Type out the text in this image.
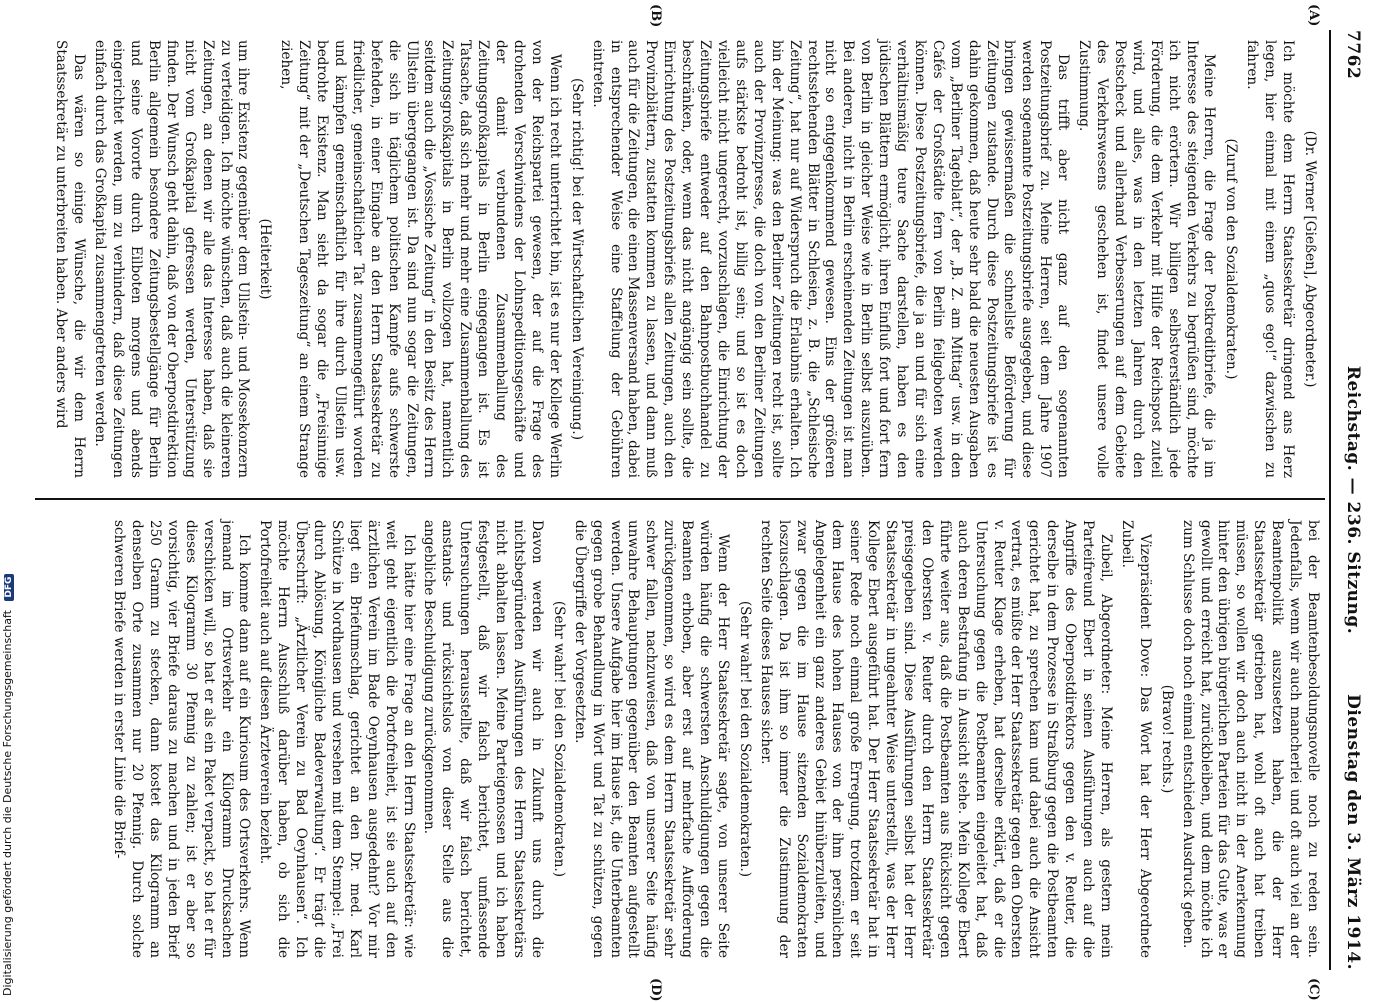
7762
Reichstag. — 236. Sitzung.
Dienstag den 3. März 1914.
(A)
(B)
(C)
(D)

(Dr. Werner [Gießen], Abgeordneter.)

Ich möchte dem Herrn Staatssekretär dringend ans Herz legen, hier einmal mit einem „quos ego!“ dazwischen zu fahren.

(Zuruf von den Sozialdemokraten.)

Meine Herren, die Frage der Postkreditbriefe, die ja im Interesse des steigenden Verkehrs zu begrüßen sind, möchte ich nicht erörtern. Wir billigen selbstverständlich jede Förderung, die dem Verkehr mit Hilfe der Reichspost zuteil wird, und alles, was in den letzten Jahren durch den Postscheck und allerhand Verbesserungen auf dem Gebiete des Verkehrswesens geschehen ist, findet unsere volle Zustimmung.

Das trifft aber nicht ganz auf den sogenannten Postzeitungsbrief zu. Meine Herren, seit dem Jahre 1907 werden sogenannte Postzeitungsbriefe ausgegeben, und diese bringen gewissermaßen die schnellste Beförderung für Zeitungen zustande. Durch diese Postzeitungsbriefe ist es dahin gekommen, daß heute sehr bald die neuesten Ausgaben vom „Berliner Tageblatt“, der „B. Z. am Mittag“ usw. in den Cafés der Großstädte fern von Berlin feilgeboten werden können. Diese Postzeitungsbriefe, die ja an und für sich eine verhältnismäßig teure Sache darstellen, haben es den jüdischen Blättern ermöglicht, ihren Einfluß fort und fort fern von Berlin in gleicher Weise wie in Berlin selbst auszuüben. Bei anderen, nicht in Berlin erscheinenden Zeitungen ist man nicht so entgegenkommend gewesen. Eins der größeren rechtsstehenden Blätter in Schlesien, z. B. die „Schlesische Zeitung“, hat nur auf Widerspruch die Erlaubnis erhalten. Ich bin der Meinung: was den Berliner Zeitungen recht ist, sollte auch der Provinzpresse, die doch von den Berliner Zeitungen aufs stärkste bedroht ist, billig sein; und so ist es doch vielleicht nicht ungerecht, vorzuschlagen, die Einrichtung der Zeitungsbriefe entweder auf den Bahnpostbuchhandel zu beschränken, oder, wenn das nicht angängig sein sollte, die Einrichtung des Postzeitungsbriefs allen Zeitungen, auch den Provinzblättern, zustatten kommen zu lassen, und dann muß auch für die Zeitungen, die einen Massenversand haben, dabei in entsprechender Weise eine Staffelung der Gebühren eintreten.

(Sehr richtig! bei der Wirtschaftlichen Vereinigung.)

Wenn ich recht unterrichtet bin, ist es nur der Kollege Werlin von der Reichspartei gewesen, der auf die Frage des drohenden Verschwindens der Lohnspeditionsgeschäfte und der damit verbundenen Zusammenballung des Zeitungsgroßkapitals in Berlin eingegangen ist. Es ist Tatsache, daß sich mehr und mehr eine Zusammenballung des Zeitungsgroßkapitals in Berlin vollzogen hat, namentlich seitdem auch die „Vossische Zeitung“ in den Besitz des Herrn Ullstein übergegangen ist. Da sind nun sogar die Zeitungen, die sich in täglichem politischen Kampfe aufs schwerste befehden, in einer Eingabe an den Herrn Staatssekretär zu friedlicher, gemeinschaftlicher Tat zusammengeführt worden und kämpfen gemeinschaftlich für ihre durch Ullstein usw. bedrohte Existenz. Man sieht da sogar die „Freisinnige Zeitung“ mit der „Deutschen Tageszeitung“ an einem Strange ziehen,

(Heiterkeit)

um ihre Existenz gegenüber dem Ullstein- und Mossekonzern zu verteidigen. Ich möchte wünschen, daß auch die kleineren Zeitungen, an denen wir alle das Interesse haben, daß sie nicht vom Großkapital gefressen werden, Unterstützung finden. Der Wunsch geht dahin, daß von der Oberpostdirektion Berlin allgemein besondere Zeitungsbestellgänge für Berlin und seine Vororte durch Eilboten morgens und abends eingerichtet werden, um zu verhindern, daß diese Zeitungen einfach durch das Großkapital zusammengetreten werden.

Das wären so einige Wünsche, die wir dem Herrn Staatssekretär zu unterbreiten haben. Aber anders wird

bei der Beamtenbesoldungsnovelle noch zu reden sein. Jedenfalls, wenn wir auch mancherlei und oft auch viel an der Beamtenpolitik auszusetzen haben, die der Herr Staatssekretär getrieben hat, wohl oft auch hat treiben müssen, so wollen wir doch auch nicht in der Anerkennung hinter den übrigen bürgerlichen Parteien für das Gute, was er gewollt und erreicht hat, zurückbleiben, und dem möchte ich zum Schlusse doch noch einmal entschieden Ausdruck geben.

(Bravo! rechts.)

Vizepräsident Dove: Das Wort hat der Herr Abgeordnete Zubeil.

Zubeil, Abgeordneter: Meine Herren, als gestern mein Parteifreund Ebert in seinen Ausführungen auch auf die Angriffe des Oberpostdirektors gegen den v. Reuter, die derselbe in dem Prozesse in Straßburg gegen die Postbeamten gerichtet hat, zu sprechen kam und dabei auch die Ansicht vertrat, es müßte der Herr Staatssekretär gegen den Obersten v. Reuter Klage erheben, hat derselbe erklärt, daß er die Untersuchung gegen die Postbeamten eingeleitet hat, daß auch deren Bestrafung in Aussicht stehe. Mein Kollege Ebert führte weiter aus, daß die Postbeamten aus Rücksicht gegen den Obersten v. Reuter durch den Herrn Staatssekretär preisgegeben sind. Diese Ausführungen selbst hat der Herr Staatssekretär in ungeahnter Weise unterstellt, was der Herr Kollege Ebert ausgeführt hat. Der Herr Staatssekretär hat in seiner Rede noch einmal große Erregung, trotzdem er seit dem Hause des hohen Hauses von der ihm persönlichen Angelegenheit ein ganz anderes Gebiet hinüberzuleiten, und zwar gegen die im Hause sitzenden Sozialdemokraten loszuschlagen. Da ist ihm so immer die Zustimmung der rechten Seite dieses Hauses sicher.

(Sehr wahr! bei den Sozialdemokraten.)

Wenn der Herr Staatssekretär sagte, von unserer Seite würden häufig die schwersten Anschuldigungen gegen die Beamten erhoben, aber erst auf mehrfache Aufforderung zurückgenommen, so wird es dem Herrn Staatssekretär sehr schwer fallen, nachzuweisen, daß von unserer Seite häufig unwahre Behauptungen gegenüber den Beamten aufgestellt werden. Unsere Aufgabe hier im Hause ist, die Unterbeamten gegen grobe Behandlung in Wort und Tat zu schützen, gegen die Übergriffe der Vorgesetzten.

(Sehr wahr! bei den Sozialdemokraten.)

Davon werden wir auch in Zukunft uns durch die nichtsbegründeten Ausführungen des Herrn Staatssekretärs nicht abhalten lassen. Meine Parteigenossen und ich haben festgestellt, daß wir falsch berichtet, umfassende Untersuchungen herausstellte, daß wir falsch berichtet, anstands- und rücksichtslos von dieser Stelle aus die angebliche Beschuldigung zurückgenommen.

Ich hätte hier eine Frage an den Herrn Staatssekretär: wie weit geht eigentlich die Portofreiheit, ist sie auch auf den ärztlichen Verein im Bade Oeynhausen ausgedehnt? Vor mir liegt ein Briefumschlag, gerichtet an den Dr. med. Karl Schütze in Nordhausen und versehen mit dem Stempel: „Frei durch Ablösung, Königliche Badeverwaltung“. Er trägt die Überschrift: „Ärztlicher Verein zu Bad Oeynhausen“. Ich möchte Herrn Ausschluß darüber haben, ob sich die Portofreiheit auch auf diesen Ärzteverein bezieht.

Ich komme dann auf ein Kuriosum des Ortsverkehrs. Wenn jemand im Ortsverkehr ein Kilogramm Drucksachen verschicken will, so hat er als ein Paket verpackt, so hat er für dieses Kilogramm 30 Pfennig zu zahlen; ist er aber so vorsichtig, vier Briefe daraus zu machen und in jeden Brief 250 Gramm zu stecken, dann kostet das Kilogramm an denselben Orte zusammen nur 20 Pfennig. Durch solche schweren Briefe werden in erster Linie die Brief-

Digitalisierung gefördert durch die Deutsche Forschungsgemeinschaft DFG
